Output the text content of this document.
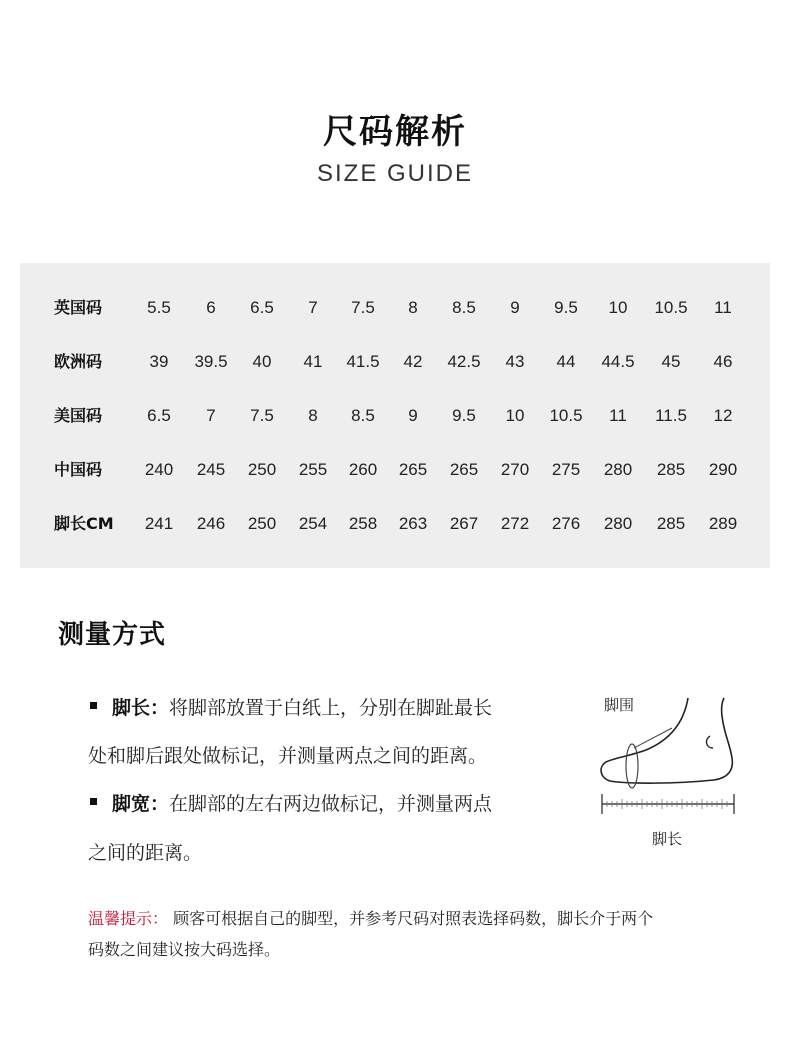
尺码解析
SIZE GUIDE
英国码	5.5	6	6.5	7	7.5	8	8.5	9	9.5	10	10.5	11
欧洲码	39	39.5	40	41	41.5	42	42.5	43	44	44.5	45	46
美国码	6.5	7	7.5	8	8.5	9	9.5	10	10.5	11	11.5	12
中国码	240	245	250	255	260	265	265	270	275	280	285	290
脚长CM	241	246	250	254	258	263	267	272	276	280	285	289
测量方式
脚长：将脚部放置于白纸上，分别在脚趾最长
处和脚后跟处做标记，并测量两点之间的距离。
脚宽：在脚部的左右两边做标记，并测量两点
之间的距离。
脚围
脚长
温馨提示： 顾客可根据自己的脚型，并参考尺码对照表选择码数，脚长介于两个
码数之间建议按大码选择。
